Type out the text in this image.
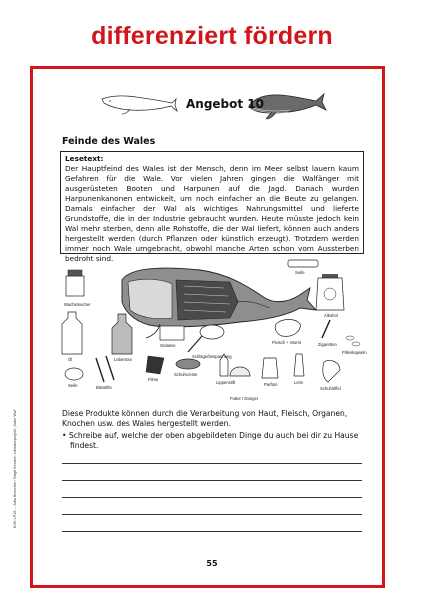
differenziert fördern
Angebot 10
Feinde des Wales
Lesetext:
Der Hauptfeind des Wales ist der Mensch, denn im Meer selbst lauern kaum Gefahren für die Wale. Vor vielen Jahren gingen die Walfänger mit ausgerüsteten Booten und Harpunen auf die Jagd. Danach wurden Harpunenkanonen entwickelt, um noch einfacher an die Beute zu gelangen. Damals einfacher der Wal als wichtiges Nahrungsmittel und lieferte Grundstoffe, die in der Industrie gebraucht wurden. Heute müsste jedoch kein Wal mehr sterben, denn alle Rohstoffe, die der Wal liefert, können auch anders hergestellt werden (durch Pflanzen oder künstlich erzeugt). Trotzdem werden immer noch Wale umgebracht, obwohl manche Arten schon vom Aussterben bedroht sind.
Wachsmacher
Seife
Alkohol
Fleisch + Wurst
Öl	Lebertran
Gelatine
Schlägerbespannung
Zigaretten
Pillenkapseln
Seife	Bleistifte
Filme
Schuhcreme
Lippenstift
Futter / Dünger
Parfüm	Leim
Schuhlöffel
Diese Produkte können durch die Verarbeitung von Haut, Fleisch, Organen, Knochen usw. des Wales hergestellt werden.
• Schreibe auf, welche der oben abgebildeten Dinge du auch bei dir zu Hause findest.
BVK LP26 – Jutta Brescher / Birgit Kessler: Literaturprojekt „Sabe Wal"
55
